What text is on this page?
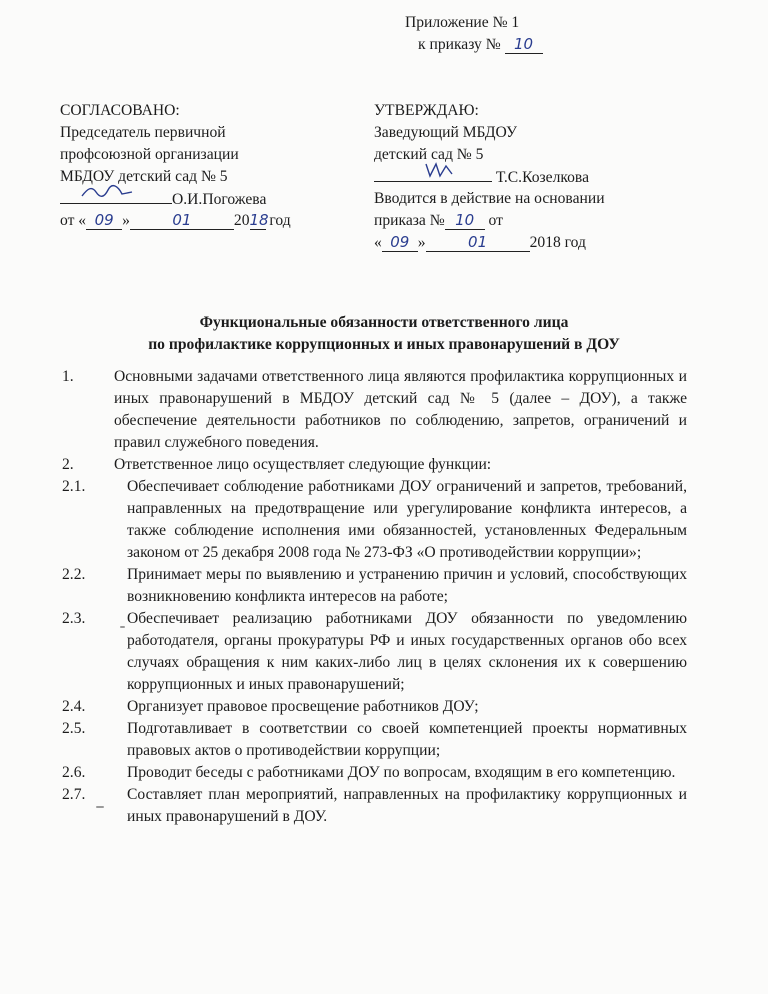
Приложение № 1
к приказу № 10
СОГЛАСОВАНО:
Председатель первичной
профсоюзной организации
МБДОУ детский сад № 5
О.И.Погожева
от « 09 »	01	2018 год
УТВЕРЖДАЮ:
Заведующий МБДОУ
детский сад № 5
Т.С.Козелкова
Вводится в действие на основании
приказа № 10 от
« 09 »	01	2018 год
Функциональные обязанности ответственного лица
по профилактике коррупционных и иных правонарушений в ДОУ
1.	Основными задачами ответственного лица являются профилактика коррупционных и иных правонарушений в МБДОУ детский сад № 5 (далее – ДОУ), а также обеспечение деятельности работников по соблюдению, запретов, ограничений и правил служебного поведения.
2.	Ответственное лицо осуществляет следующие функции:
2.1.	Обеспечивает соблюдение работниками ДОУ ограничений и запретов, требований, направленных на предотвращение или урегулирование конфликта интересов, а также соблюдение исполнения ими обязанностей, установленных Федеральным законом от 25 декабря 2008 года № 273-ФЗ «О противодействии коррупции»;
2.2.	Принимает меры по выявлению и устранению причин и условий, способствующих возникновению конфликта интересов на работе;
2.3.	Обеспечивает реализацию работниками ДОУ обязанности по уведомлению работодателя, органы прокуратуры РФ и иных государственных органов обо всех случаях обращения к ним каких-либо лиц в целях склонения их к совершению коррупционных и иных правонарушений;
2.4.	Организует правовое просвещение работников ДОУ;
2.5.	Подготавливает в соответствии со своей компетенцией проекты нормативных правовых актов о противодействии коррупции;
2.6.	Проводит беседы с работниками ДОУ по вопросам, входящим в его компетенцию.
2.7.	Составляет план мероприятий, направленных на профилактику коррупционных и иных правонарушений в ДОУ.
